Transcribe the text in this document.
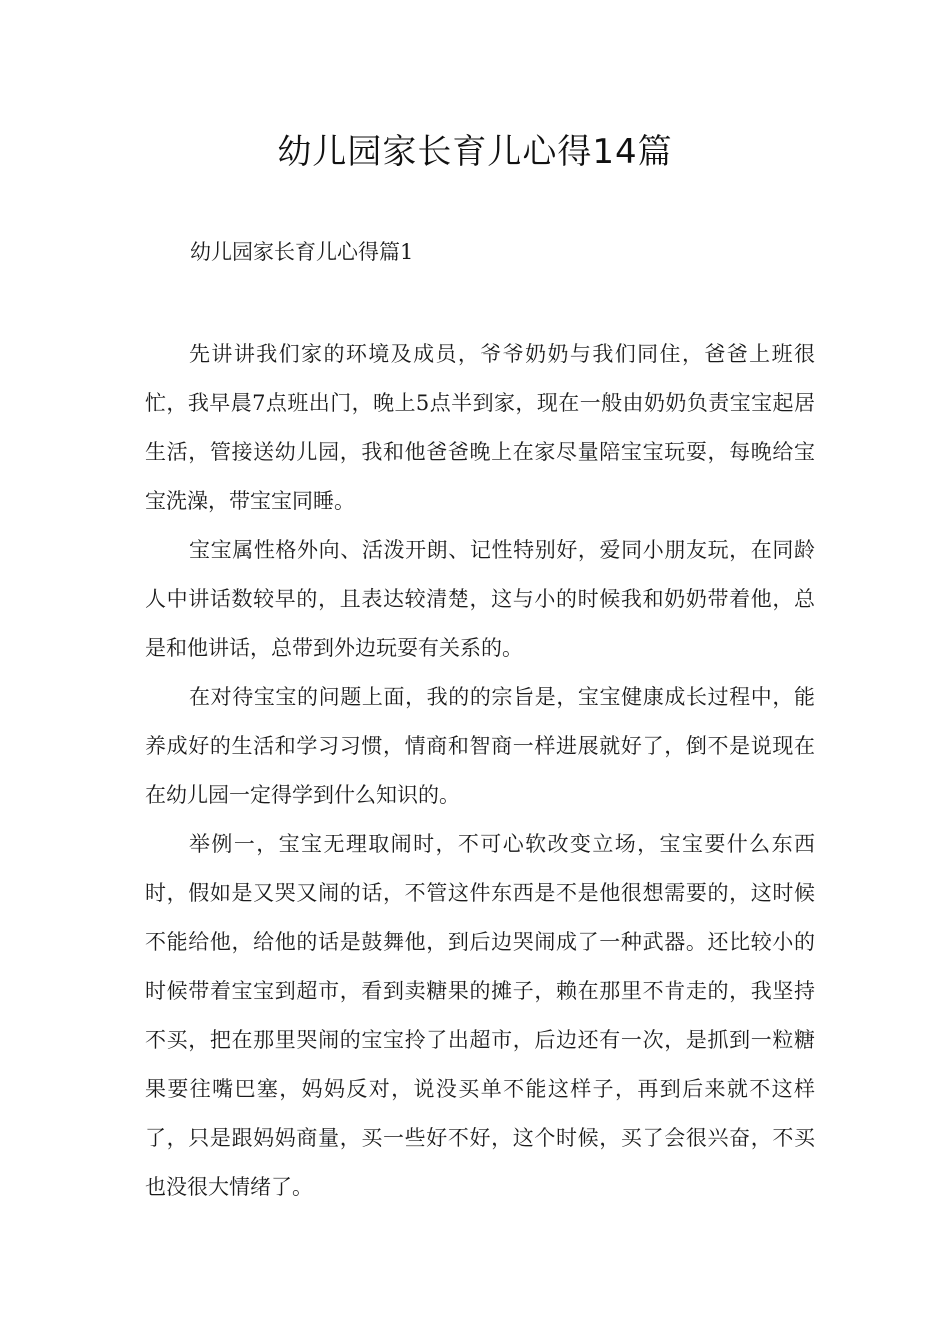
幼儿园家长育儿心得14篇
幼儿园家长育儿心得篇1

先讲讲我们家的环境及成员，爷爷奶奶与我们同住，爸爸上班很忙，我早晨7点班出门，晚上5点半到家，现在一般由奶奶负责宝宝起居生活，管接送幼儿园，我和他爸爸晚上在家尽量陪宝宝玩耍，每晚给宝宝洗澡，带宝宝同睡。

宝宝属性格外向、活泼开朗、记性特别好，爱同小朋友玩，在同龄人中讲话数较早的，且表达较清楚，这与小的时候我和奶奶带着他，总是和他讲话，总带到外边玩耍有关系的。

在对待宝宝的问题上面，我的的宗旨是，宝宝健康成长过程中，能养成好的生活和学习习惯，情商和智商一样进展就好了，倒不是说现在在幼儿园一定得学到什么知识的。

举例一，宝宝无理取闹时，不可心软改变立场，宝宝要什么东西时，假如是又哭又闹的话，不管这件东西是不是他很想需要的，这时候不能给他，给他的话是鼓舞他，到后边哭闹成了一种武器。还比较小的时候带着宝宝到超市，看到卖糖果的摊子，赖在那里不肯走的，我坚持不买，把在那里哭闹的宝宝拎了出超市，后边还有一次，是抓到一粒糖果要往嘴巴塞，妈妈反对，说没买单不能这样子，再到后来就不这样了，只是跟妈妈商量，买一些好不好，这个时候，买了会很兴奋，不买也没很大情绪了。
